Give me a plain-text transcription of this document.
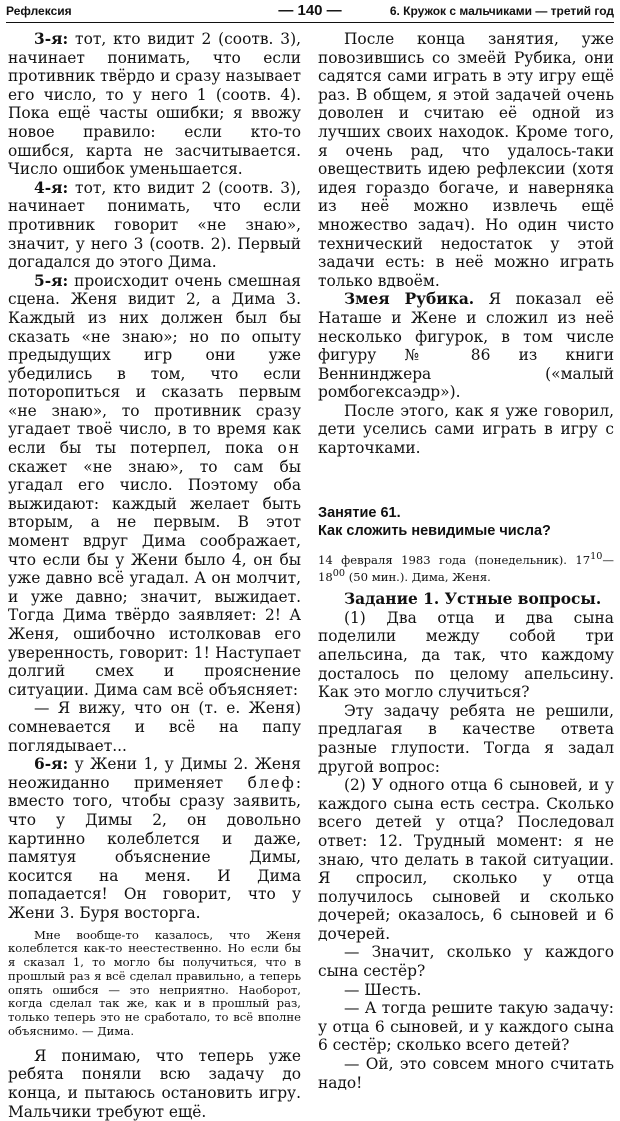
Рефлексия	— 140 —	6. Кружок с мальчиками — третий год

3-я: тот, кто видит 2 (соотв. 3), начинает понимать, что если противник твёрдо и сразу называет его число, то у него 1 (соотв. 4). Пока ещё часты ошибки; я ввожу новое правило: если кто-то ошибся, карта не засчитывается. Число ошибок уменьшается.

4-я: тот, кто видит 2 (соотв. 3), начинает понимать, что если противник говорит «не знаю», значит, у него 3 (соотв. 2). Первый догадался до этого Дима.

5-я: происходит очень смешная сцена. Женя видит 2, а Дима 3. Каждый из них должен был бы сказать «не знаю»; но по опыту предыдущих игр они уже убедились в том, что если поторопиться и сказать первым «не знаю», то противник сразу угадает твоё число, в то время как если бы ты потерпел, пока он скажет «не знаю», то сам бы угадал его число. Поэтому оба выжидают: каждый желает быть вторым, а не первым. В этот момент вдруг Дима соображает, что если бы у Жени было 4, он бы уже давно всё угадал. А он молчит, и уже давно; значит, выжидает. Тогда Дима твёрдо заявляет: 2! А Женя, ошибочно истолковав его уверенность, говорит: 1! Наступает долгий смех и прояснение ситуации. Дима сам всё объясняет:

— Я вижу, что он (т. е. Женя) сомневается и всё на папу поглядывает...

6-я: у Жени 1, у Димы 2. Женя неожиданно применяет блеф: вместо того, чтобы сразу заявить, что у Димы 2, он довольно картинно колеблется и даже, памятуя объяснение Димы, косится на меня. И Дима попадается! Он говорит, что у Жени 3. Буря восторга.

Мне вообще-то казалось, что Женя колеблется как-то неестественно. Но если бы я сказал 1, то могло бы получиться, что в прошлый раз я всё сделал правильно, а теперь опять ошибся — это неприятно. Наоборот, когда сделал так же, как и в прошлый раз, только теперь это не сработало, то всё вполне объяснимо. — Дима.

Я понимаю, что теперь уже ребята поняли всю задачу до конца, и пытаюсь остановить игру. Мальчики требуют ещё.

После конца занятия, уже повозившись со змеёй Рубика, они садятся сами играть в эту игру ещё раз. В общем, я этой задачей очень доволен и считаю её одной из лучших своих находок. Кроме того, я очень рад, что удалось-таки овеществить идею рефлексии (хотя идея гораздо богаче, и наверняка из неё можно извлечь ещё множество задач). Но один чисто технический недостаток у этой задачи есть: в неё можно играть только вдвоём.

Змея Рубика. Я показал её Наташе и Жене и сложил из неё несколько фигурок, в том числе фигуру № 86 из книги Веннинджера («малый ромбогексаэдр»).

После этого, как я уже говорил, дети уселись сами играть в игру с карточками.

Занятие 61.
Как сложить невидимые числа?

14 февраля 1983 года (понедельник). $17^{10}—18^{00}$ (50 мин.). Дима, Женя.

Задание 1. Устные вопросы.

(1) Два отца и два сына поделили между собой три апельсина, да так, что каждому досталось по целому апельсину. Как это могло случиться?

Эту задачу ребята не решили, предлагая в качестве ответа разные глупости. Тогда я задал другой вопрос:

(2) У одного отца 6 сыновей, и у каждого сына есть сестра. Сколько всего детей у отца? Последовал ответ: 12. Трудный момент: я не знаю, что делать в такой ситуации. Я спросил, сколько у отца получилось сыновей и сколько дочерей; оказалось, 6 сыновей и 6 дочерей.

— Значит, сколько у каждого сына сестёр?

— Шесть.

— А тогда решите такую задачу: у отца 6 сыновей, и у каждого сына 6 сестёр; сколько всего детей?

— Ой, это совсем много считать надо!
